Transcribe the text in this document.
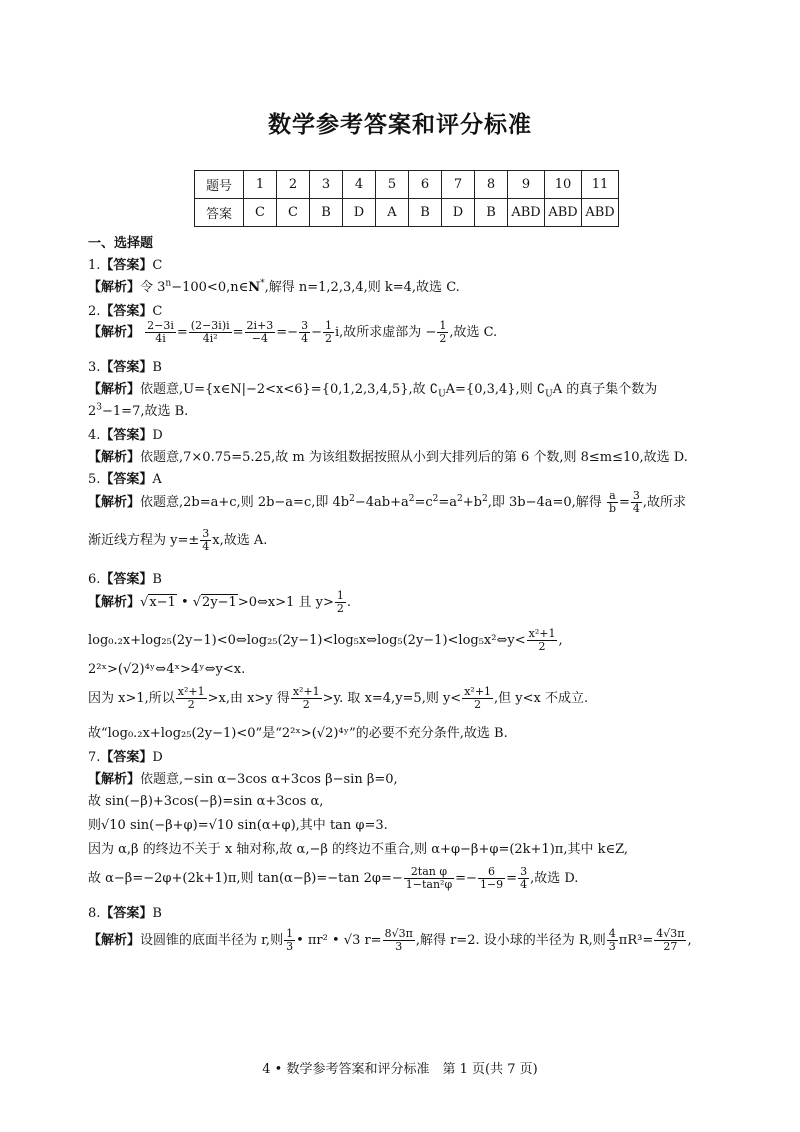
数学参考答案和评分标准
题号	1	2	3	4	5	6	7	8	9	10	11
答案	C	C	B	D	A	B	D	B	ABD	ABD	ABD
一、选择题
1.【答案】C
【解析】令 $3^n-100<0,n\in N^*$,解得 n=1,2,3,4,则 k=4,故选 C.
2.【答案】C
【解析】 $\frac{2-3i}{4i} = \frac{(2-3i)i}{\text{4i²}} = \frac{2i+3}{-4} =- \frac{3}{4} - \frac{1}{2} i$,故所求虚部为 − $\frac{1}{2}$ ,故选 C.
3.【答案】B
【解析】依题意,U={x∈N|−2<x<6}={0,1,2,3,4,5},故 $∁_UA=\{0,3,4\}$,则 $∁_UA$ 的真子集个数为
$2^3-1=7$,故选 B.
4.【答案】D
【解析】依题意,7×0.75=5.25,故 m 为该组数据按照从小到大排列后的第 6 个数,则 8≤m≤10,故选 D.
5.【答案】A
【解析】依题意,2b=a+c,则 2b−a=c,即 $4b^2-4ab+a^2=c^2=a^2+b^2$,即 3b−4a=0,解得 $\frac{a}{b} = \frac{3}{4}$ ,故所求
渐近线方程为 $y=\pm \frac{3}{4} x$,故选 A.
6.【答案】B
【解析】√x−1 • √2y−1>0⇔x>1 且 $y> \frac{1}{2}$ .
log₀.₂x+log₂₅(2y−1)<0⇔log₂₅(2y−1)<log₅x⇔log₅(2y−1)<log₅x²⇔y< $\frac{\text{x²+1}}{2}$ ,
2²ˣ>(√2)⁴ʸ⇔4ˣ>4ʸ⇔y<x.
因为 x>1,所以 $\frac{\text{x²+1}}{2} >x$,由 x>y 得 $\frac{\text{x²+1}}{2} >y$. 取 x=4,y=5,则 $y< \frac{\text{x²+1}}{2}$ ,但 y<x 不成立.
故“log₀.₂x+log₂₅(2y−1)<0”是“2²ˣ>(√2)⁴ʸ”的必要不充分条件,故选 B.
7.【答案】D
【解析】依题意,−sin α−3cos α+3cos β−sin β=0,
故 sin(−β)+3cos(−β)=sin α+3cos α,
则√10 sin(−β+φ)=√10 sin(α+φ),其中 tan φ=3.
因为 α,β 的终边不关于 x 轴对称,故 α,−β 的终边不重合,则 α+φ−β+φ=(2k+1)π,其中 k∈Z,
故 α−β=−2φ+(2k+1)π,则 tan(α−β)=−tan $2\varphi=- \frac{\text{2tan φ}}{\text{1−tan²φ}} =- \frac{6}{1-9} = \frac{3}{4}$ ,故选 D.
8.【答案】B
【解析】设圆锥的底面半径为 r,则 $\frac{1}{3}$ • πr² • √3 $r= \frac{8√3\pi}{3}$ ,解得 r=2. 设小球的半径为 R,则 $\frac{4}{3} \pi R^3= \frac{4√3\pi}{27}$ ,
4 • 数学参考答案和评分标准　第 1 页(共 7 页)
